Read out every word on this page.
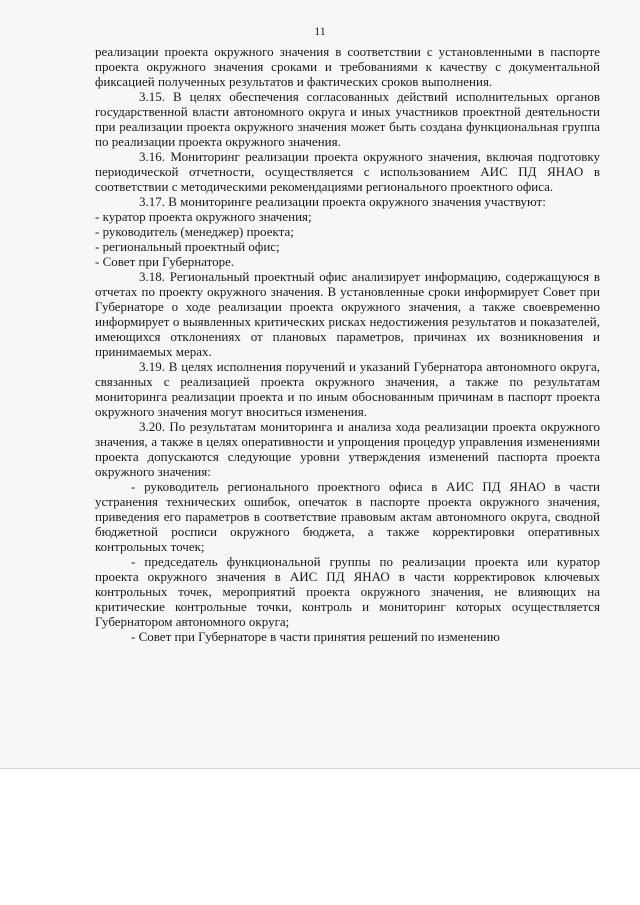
11

реализации проекта окружного значения в соответствии с установленными в паспорте проекта окружного значения сроками и требованиями к качеству с документальной фиксацией полученных результатов и фактических сроков выполнения.

3.15. В целях обеспечения согласованных действий исполнительных органов государственной власти автономного округа и иных участников проектной деятельности при реализации проекта окружного значения может быть создана функциональная группа по реализации проекта окружного значения.

3.16. Мониторинг реализации проекта окружного значения, включая подготовку периодической отчетности, осуществляется с использованием АИС ПД ЯНАО в соответствии с методическими рекомендациями регионального проектного офиса.

3.17. В мониторинге реализации проекта окружного значения участвуют:

- куратор проекта окружного значения;

- руководитель (менеджер) проекта;

- региональный проектный офис;

- Совет при Губернаторе.

3.18. Региональный проектный офис анализирует информацию, содержащуюся в отчетах по проекту окружного значения. В установленные сроки информирует Совет при Губернаторе о ходе реализации проекта окружного значения, а также своевременно информирует о выявленных критических рисках недостижения результатов и показателей, имеющихся отклонениях от плановых параметров, причинах их возникновения и принимаемых мерах.

3.19. В целях исполнения поручений и указаний Губернатора автономного округа, связанных с реализацией проекта окружного значения, а также по результатам мониторинга реализации проекта и по иным обоснованным причинам в паспорт проекта окружного значения могут вноситься изменения.

3.20. По результатам мониторинга и анализа хода реализации проекта окружного значения, а также в целях оперативности и упрощения процедур управления изменениями проекта допускаются следующие уровни утверждения изменений паспорта проекта окружного значения:

- руководитель регионального проектного офиса в АИС ПД ЯНАО в части устранения технических ошибок, опечаток в паспорте проекта окружного значения, приведения его параметров в соответствие правовым актам автономного округа, сводной бюджетной росписи окружного бюджета, а также корректировки оперативных контрольных точек;

- председатель функциональной группы по реализации проекта или куратор проекта окружного значения в АИС ПД ЯНАО в части корректировок ключевых контрольных точек, мероприятий проекта окружного значения, не влияющих на критические контрольные точки, контроль и мониторинг которых осуществляется Губернатором автономного округа;

- Совет при Губернаторе в части принятия решений по изменению
